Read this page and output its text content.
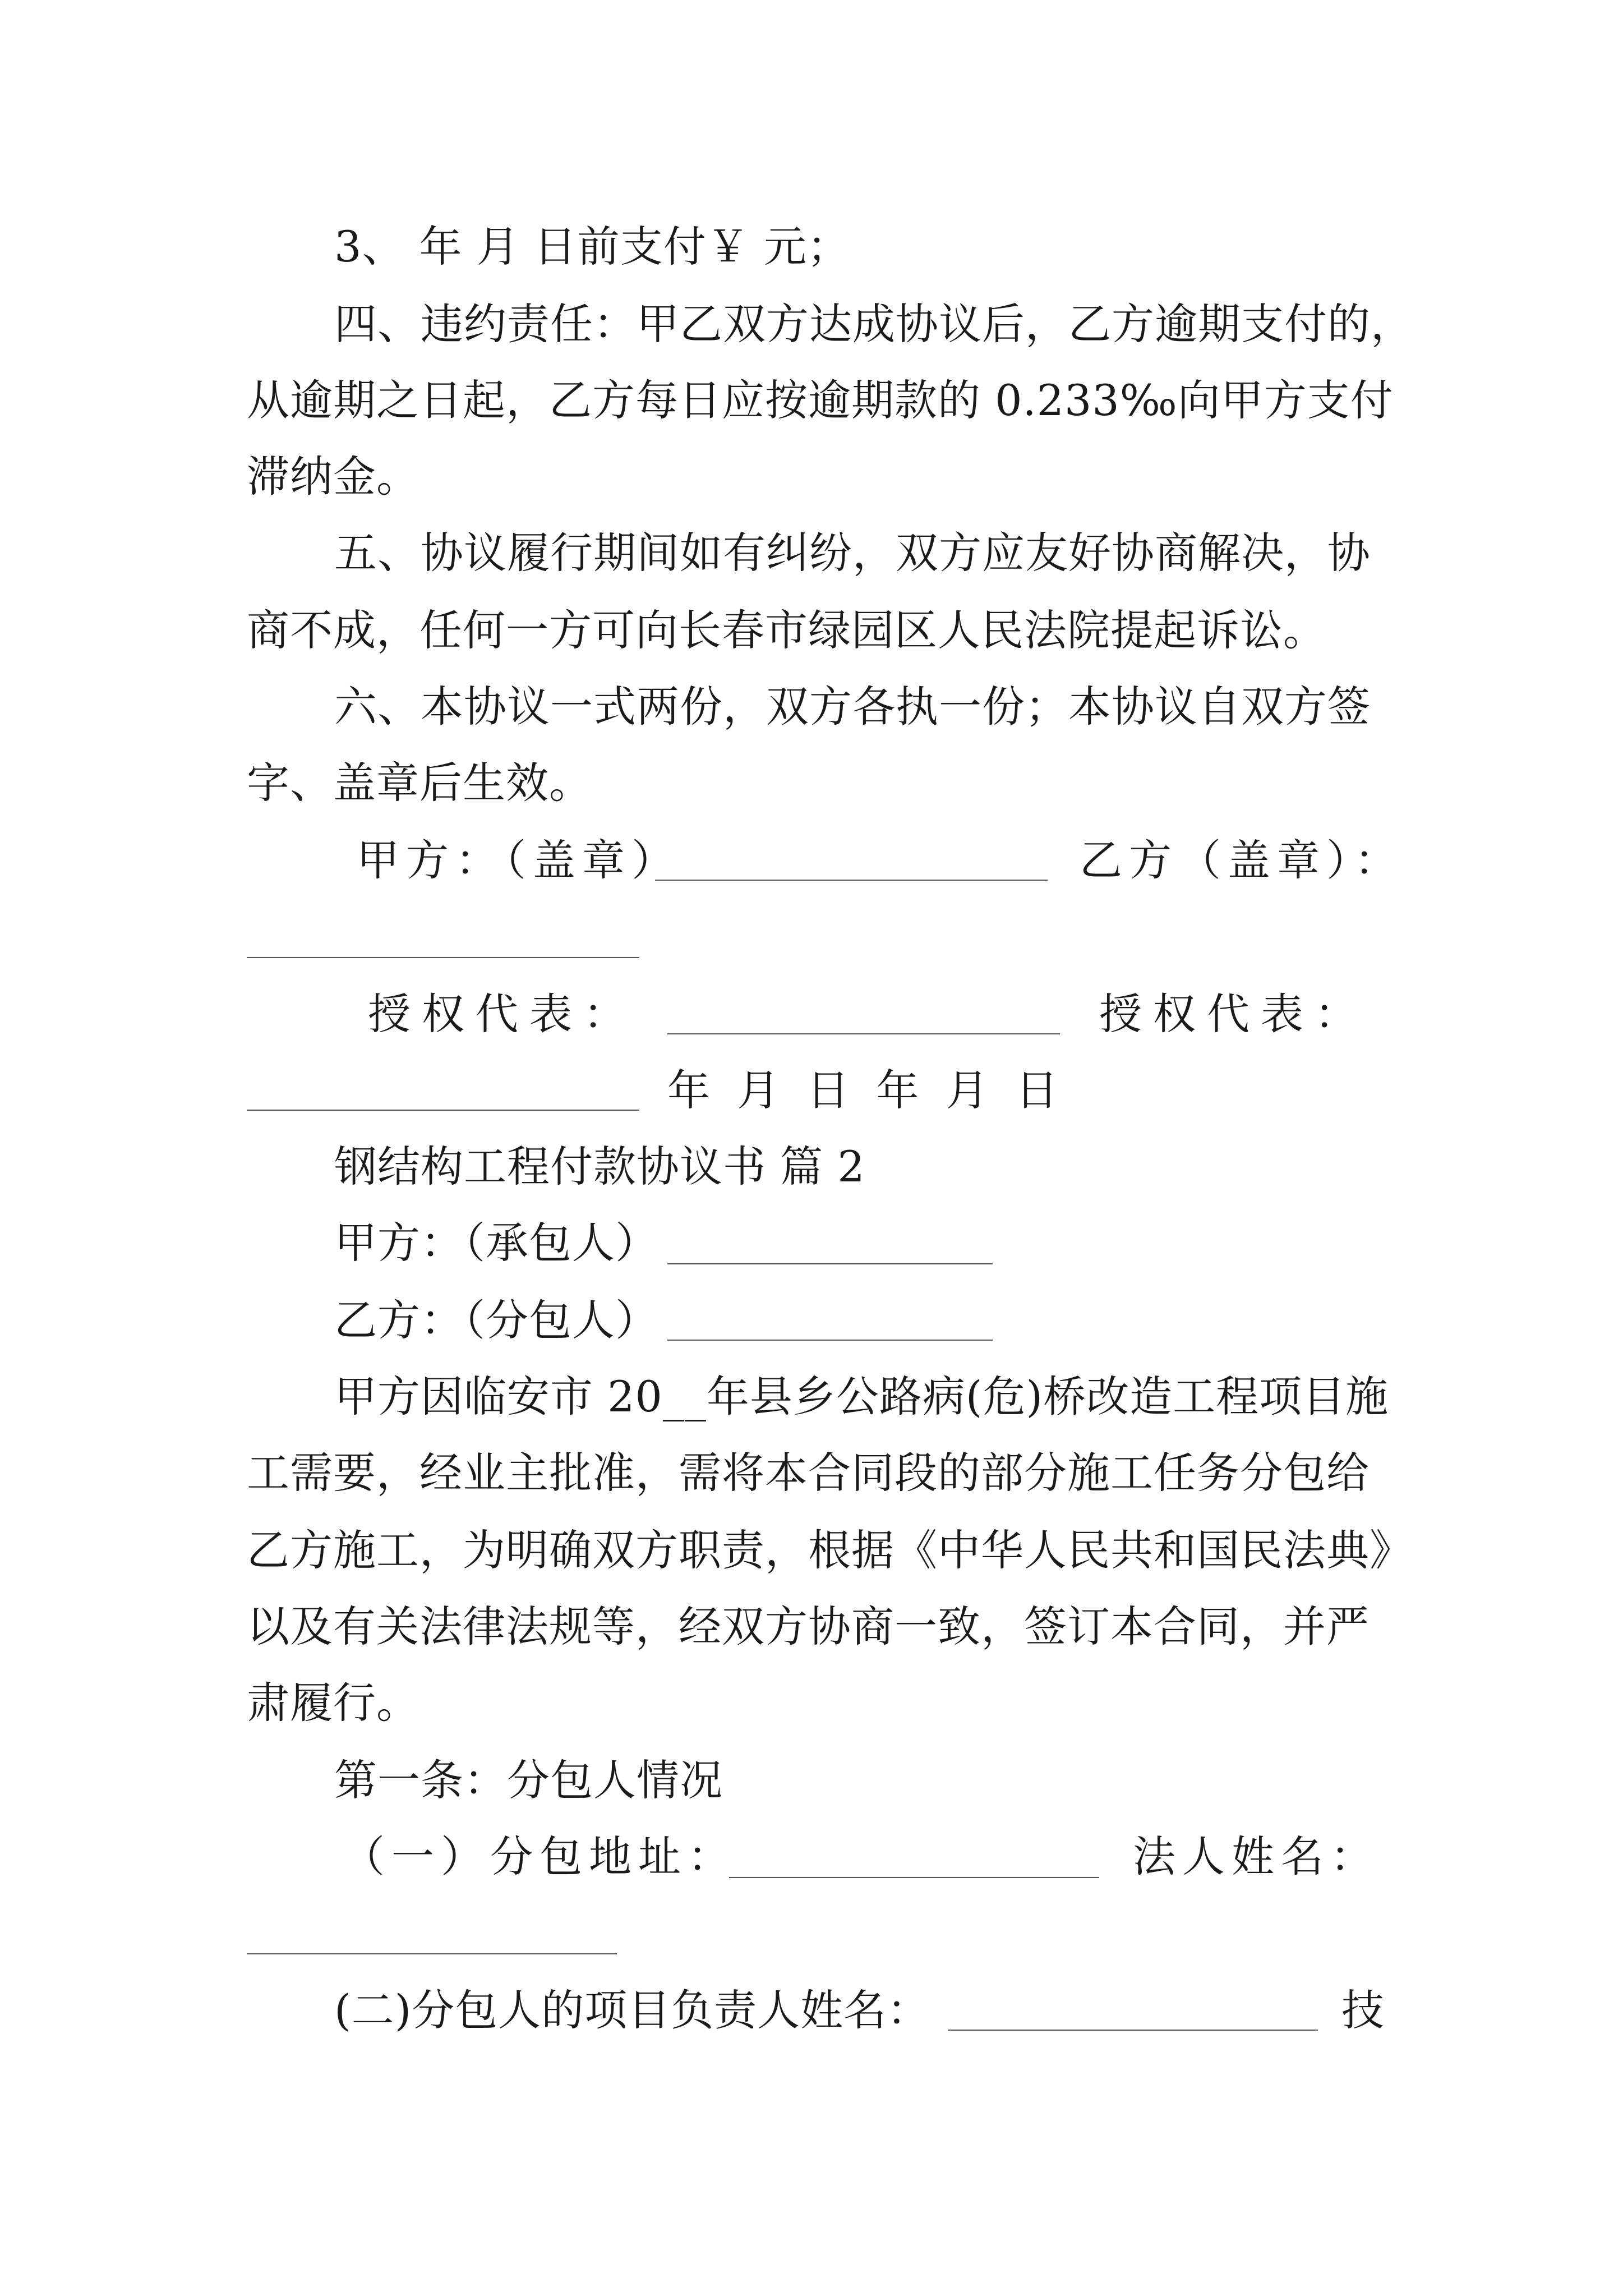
3、 年 月 日前支付￥ 元；
四、违约责任：甲乙双方达成协议后，乙方逾期支付的，
从逾期之日起，乙方每日应按逾期款的 0.233‰向甲方支付
滞纳金。
五、协议履行期间如有纠纷，双方应友好协商解决，协
商不成，任何一方可向长春市绿园区人民法院提起诉讼。
六、本协议一式两份，双方各执一份；本协议自双方签
字、盖章后生效。
甲方：（盖章）	乙方（盖章）：
授权代表：	授权代表：
年 月 日 年 月 日
钢结构工程付款协议书 篇 2
甲方：（承包人）
乙方：（分包人）
甲方因临安市 20__年县乡公路病(危)桥改造工程项目施
工需要，经业主批准，需将本合同段的部分施工任务分包给
乙方施工，为明确双方职责，根据《中华人民共和国民法典》
以及有关法律法规等，经双方协商一致，签订本合同，并严
肃履行。
第一条：分包人情况
（一）分包地址：	法人姓名：
(二)分包人的项目负责人姓名：	技
